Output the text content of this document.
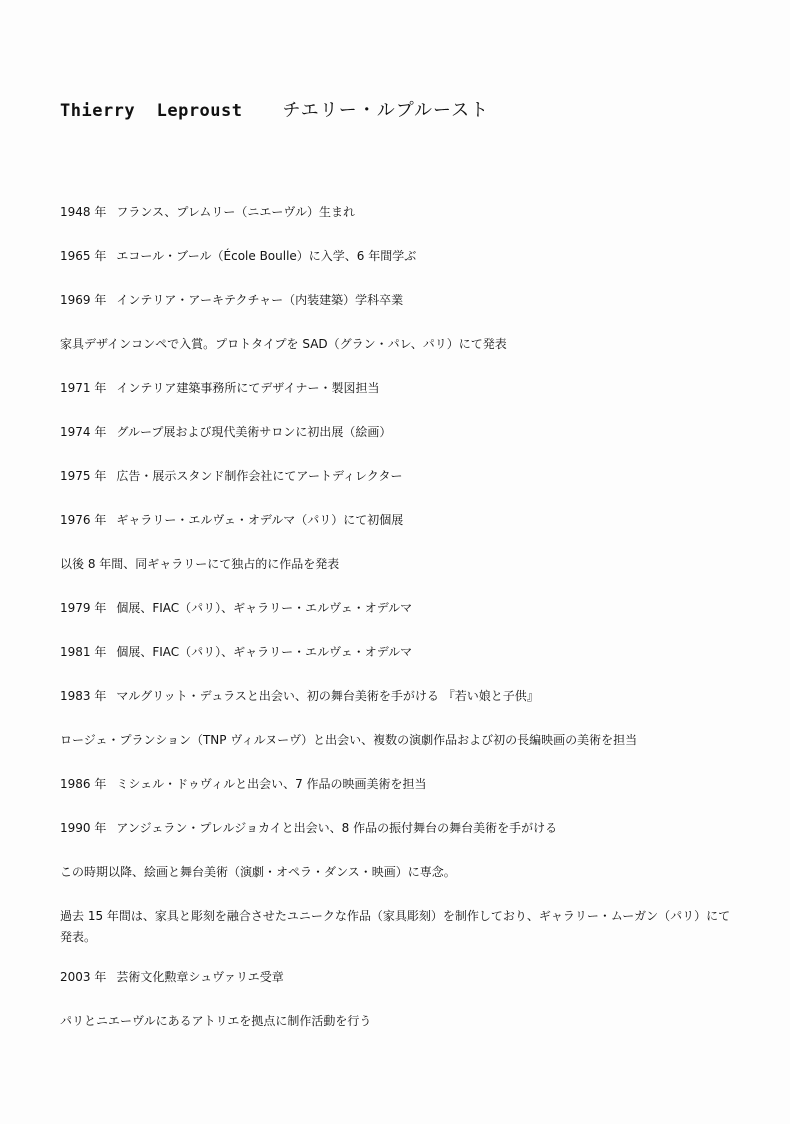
Thierry  Leproust チエリー・ルプルースト
1948 年 フランス、プレムリー（ニエーヴル）生まれ
1965 年 エコール・ブール（École Boulle）に入学、6 年間学ぶ
1969 年 インテリア・アーキテクチャー（内装建築）学科卒業
家具デザインコンペで入賞。プロトタイプを SAD（グラン・パレ、パリ）にて発表
1971 年 インテリア建築事務所にてデザイナー・製図担当
1974 年 グループ展および現代美術サロンに初出展（絵画）
1975 年 広告・展示スタンド制作会社にてアートディレクター
1976 年 ギャラリー・エルヴェ・オデルマ（パリ）にて初個展
以後 8 年間、同ギャラリーにて独占的に作品を発表
1979 年 個展、FIAC（パリ）、ギャラリー・エルヴェ・オデルマ
1981 年 個展、FIAC（パリ）、ギャラリー・エルヴェ・オデルマ
1983 年 マルグリット・デュラスと出会い、初の舞台美術を手がける 『若い娘と子供』
ロージェ・プランション（TNP ヴィルヌーヴ）と出会い、複数の演劇作品および初の長編映画の美術を担当
1986 年 ミシェル・ドゥヴィルと出会い、7 作品の映画美術を担当
1990 年 アンジェラン・プレルジョカイと出会い、8 作品の振付舞台の舞台美術を手がける
この時期以降、絵画と舞台美術（演劇・オペラ・ダンス・映画）に専念。
過去 15 年間は、家具と彫刻を融合させたユニークな作品（家具彫刻）を制作しており、ギャラリー・ムーガン（パリ）にて発表。
2003 年 芸術文化勲章シュヴァリエ受章
パリとニエーヴルにあるアトリエを拠点に制作活動を行う
